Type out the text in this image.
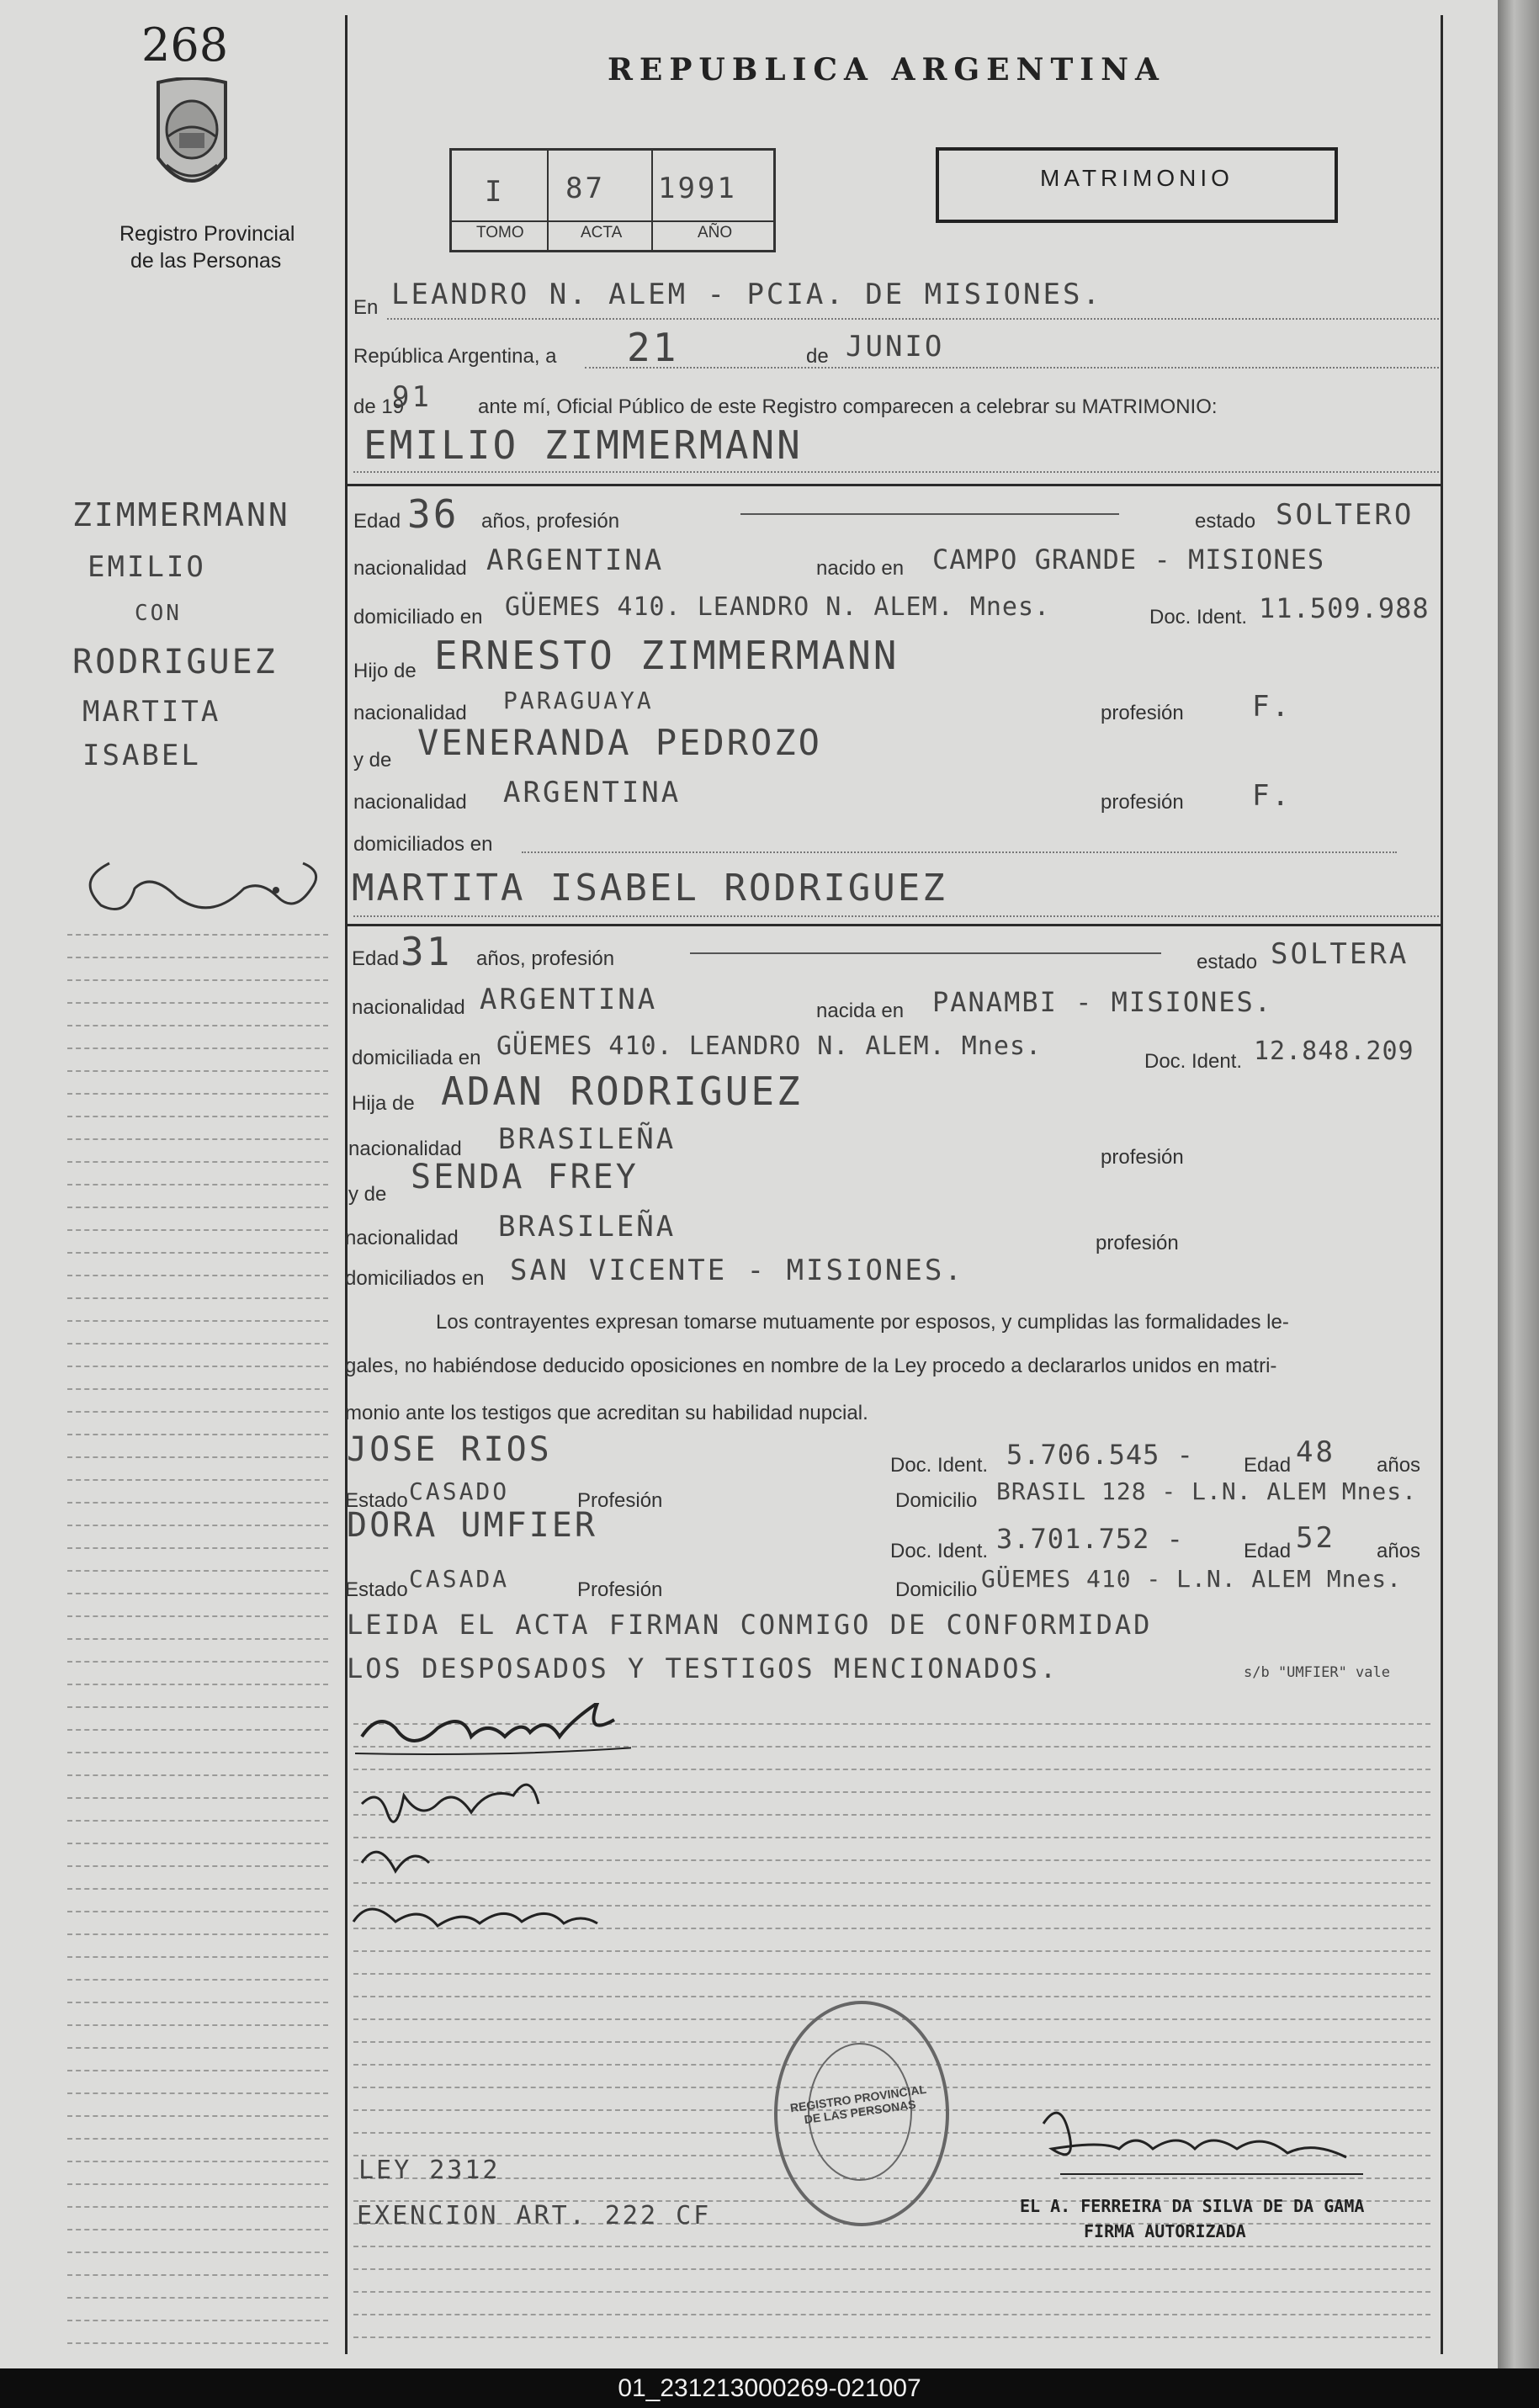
268
Registro Provincial
de las Personas
REPUBLICA ARGENTINA
I 87 1991
TOMO	ACTA	AÑO
MATRIMONIO
En LEANDRO N. ALEM - PCIA. DE MISIONES.
República Argentina, a 21	de JUNIO
de 19
91 ante mí, Oficial Público de este Registro comparecen a celebrar su MATRIMONIO:
EMILIO ZIMMERMANN
Edad 36 años, profesión	estado SOLTERO
nacionalidad ARGENTINA	nacido en CAMPO GRANDE - MISIONES
domiciliado en GÜEMES 410. LEANDRO N. ALEM. Mnes.	Doc. Ident. 11.509.988
Hijo de ERNESTO ZIMMERMANN
nacionalidad PARAGUAYA	profesión F.
y de VENERANDA PEDROZO
nacionalidad ARGENTINA	profesión F.
domiciliados en
MARTITA ISABEL RODRIGUEZ
Edad 31 años, profesión	estado SOLTERA
nacionalidad ARGENTINA	nacida en PANAMBI - MISIONES.
domiciliada en GÜEMES 410. LEANDRO N. ALEM. Mnes.
Doc. Ident. 12.848.209
Hija de ADAN RODRIGUEZ
nacionalidad BRASILEÑA
profesión
y de SENDA FREY
nacionalidad BRASILEÑA	profesión
domiciliados en SAN VICENTE - MISIONES.
Los contrayentes expresan tomarse mutuamente por esposos, y cumplidas las formalidades le-
gales, no habiéndose deducido oposiciones en nombre de la Ley procedo a declararlos unidos en matri-
monio ante los testigos que acreditan su habilidad nupcial.
JOSE RIOS	Doc. Ident. 5.706.545 - Edad 48 años
Estado CASADO	Profesión	Domicilio BRASIL 128 - L.N. ALEM Mnes.
DORA UMFIER
Doc. Ident. 3.701.752 -	Edad 52 años
Estado CASADA	Profesión	Domicilio GÜEMES 410 - L.N. ALEM Mnes.
LEIDA EL ACTA FIRMAN CONMIGO DE CONFORMIDAD
LOS DESPOSADOS Y TESTIGOS MENCIONADOS.	s/b "UMFIER" vale
ZIMMERMANN
EMILIO
CON
RODRIGUEZ
MARTITA
ISABEL
REGISTRO PROVINCIAL DE LAS PERSONAS
LEY 2312
EXENCION ART. 222 CF	EL A. FERREIRA DA SILVA DE DA GAMA
FIRMA AUTORIZADA
01_231213000269-021007
